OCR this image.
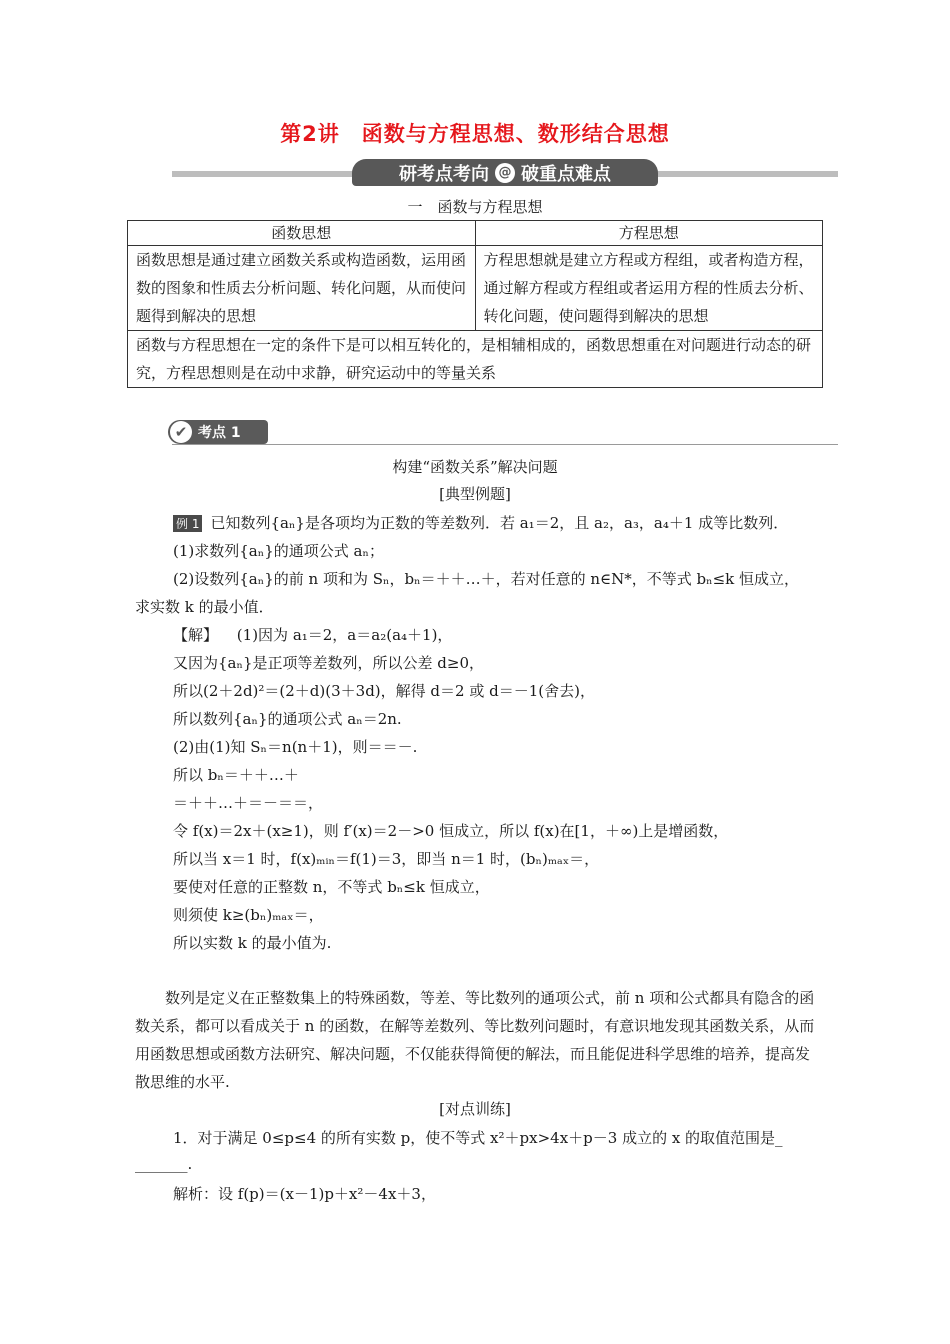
第2讲　函数与方程思想、数形结合思想
研考点考向 @ 破重点难点
一　函数与方程思想
函数思想	方程思想
函数思想是通过建立函数关系或构造函数，运用函数的图象和性质去分析问题、转化问题，从而使问题得到解决的思想	方程思想就是建立方程或方程组，或者构造方程，通过解方程或方程组或者运用方程的性质去分析、转化问题，使问题得到解决的思想
函数与方程思想在一定的条件下是可以相互转化的，是相辅相成的，函数思想重在对问题进行动态的研究，方程思想则是在动中求静，研究运动中的等量关系	
✔ 考点 1
构建“函数关系”解决问题
[典型例题]
例 1 已知数列{aₙ}是各项均为正数的等差数列．若 a₁＝2，且 a₂，a₃，a₄＋1 成等比数列．
(1)求数列{aₙ}的通项公式 aₙ；
(2)设数列{aₙ}的前 n 项和为 Sₙ，bₙ＝＋＋…＋，若对任意的 n∈N*，不等式 bₙ≤k 恒成立，
求实数 k 的最小值．
【解】 (1)因为 a₁＝2，a＝a₂(a₄＋1)，
又因为{aₙ}是正项等差数列，所以公差 d≥0，
所以(2＋2d)²＝(2＋d)(3＋3d)，解得 d＝2 或 d＝－1(舍去)，
所以数列{aₙ}的通项公式 aₙ＝2n.
(2)由(1)知 Sₙ＝n(n＋1)，则＝＝－.
所以 bₙ＝＋＋…＋
＝＋＋…＋＝－＝＝，
令 f(x)＝2x＋(x≥1)，则 f′(x)＝2－>0 恒成立，所以 f(x)在[1，＋∞)上是增函数，
所以当 x＝1 时，f(x)ₘᵢₙ＝f(1)＝3，即当 n＝1 时，(bₙ)ₘₐₓ＝，
要使对任意的正整数 n，不等式 bₙ≤k 恒成立，
则须使 k≥(bₙ)ₘₐₓ＝，
所以实数 k 的最小值为.
　　数列是定义在正整数集上的特殊函数，等差、等比数列的通项公式，前 n 项和公式都具有隐含的函数关系，都可以看成关于 n 的函数，在解等差数列、等比数列问题时，有意识地发现其函数关系，从而用函数思想或函数方法研究、解决问题，不仅能获得简便的解法，而且能促进科学思维的培养，提高发散思维的水平.
[对点训练]
1．对于满足 0≤p≤4 的所有实数 p，使不等式 x²＋px>4x＋p－3 成立的 x 的取值范围是_
_______.
解析：设 f(p)＝(x－1)p＋x²－4x＋3，
